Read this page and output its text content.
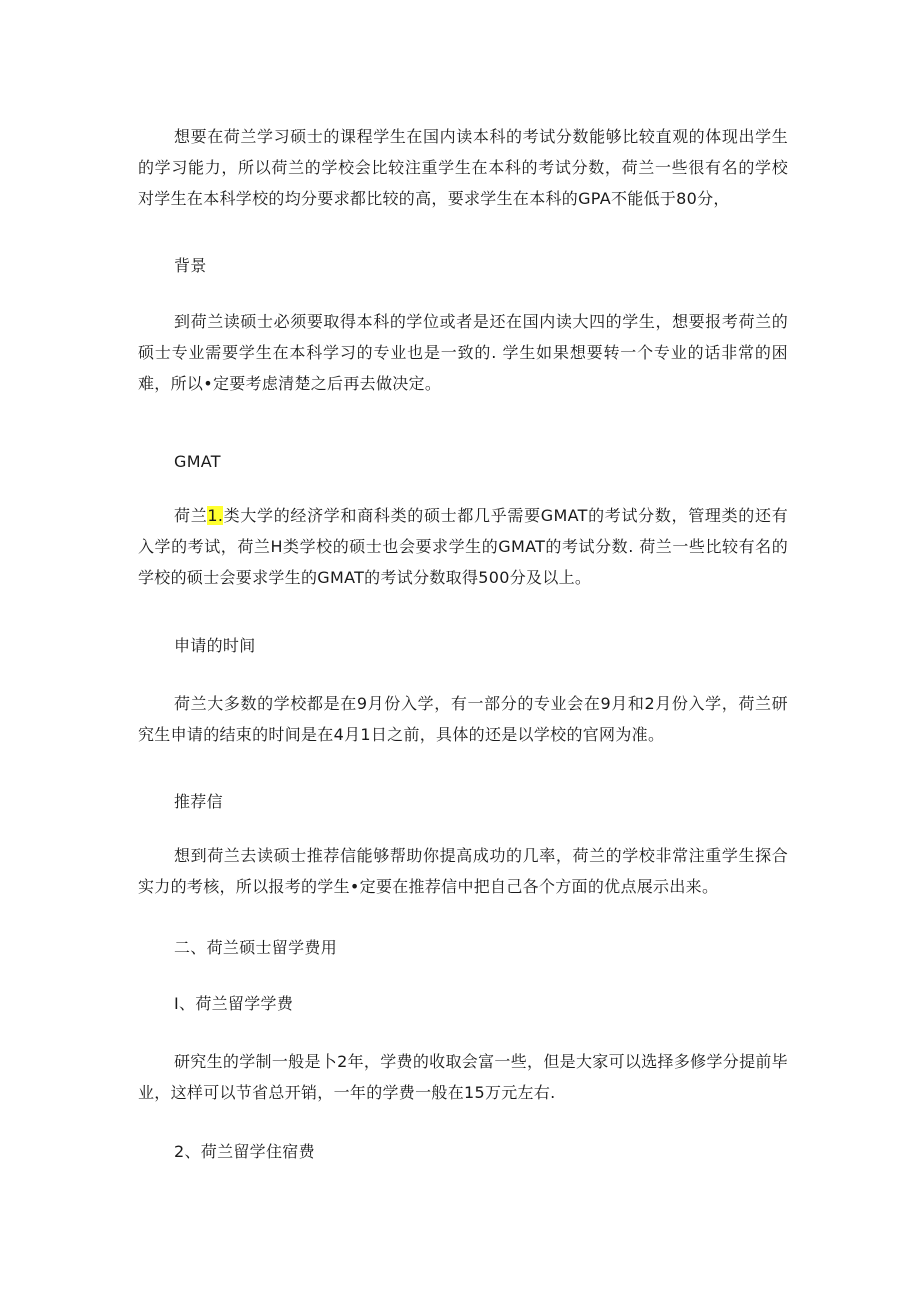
想要在荷兰学习硕士的课程学生在国内读本科的考试分数能够比较直观的体现出学生的学习能力，所以荷兰的学校会比较注重学生在本科的考试分数，荷兰一些很有名的学校对学生在本科学校的均分要求都比较的高，要求学生在本科的GPA不能低于80分，

背景

到荷兰读硕士必须要取得本科的学位或者是还在国内读大四的学生，想要报考荷兰的硕士专业需要学生在本科学习的专业也是一致的. 学生如果想要转一个专业的话非常的困难，所以•定要考虑清楚之后再去做决定。

GMAT

荷兰1.类大学的经济学和商科类的硕士都几乎需要GMAT的考试分数，管理类的还有入学的考试，荷兰H类学校的硕士也会要求学生的GMAT的考试分数. 荷兰一些比较有名的学校的硕士会要求学生的GMAT的考试分数取得500分及以上。

申请的时间

荷兰大多数的学校都是在9月份入学，有一部分的专业会在9月和2月份入学，荷兰研究生申请的结束的时间是在4月1日之前，具体的还是以学校的官网为准。

推荐信

想到荷兰去读硕士推荐信能够帮助你提高成功的几率，荷兰的学校非常注重学生探合实力的考核，所以报考的学生•定要在推荐信中把自己各个方面的优点展示出来。

二、荷兰硕士留学费用

I、荷兰留学学费

研究生的学制一般是卜2年，学费的收取会富一些，但是大家可以选择多修学分提前毕业，这样可以节省总开销，一年的学费一般在15万元左右.

2、荷兰留学住宿费
